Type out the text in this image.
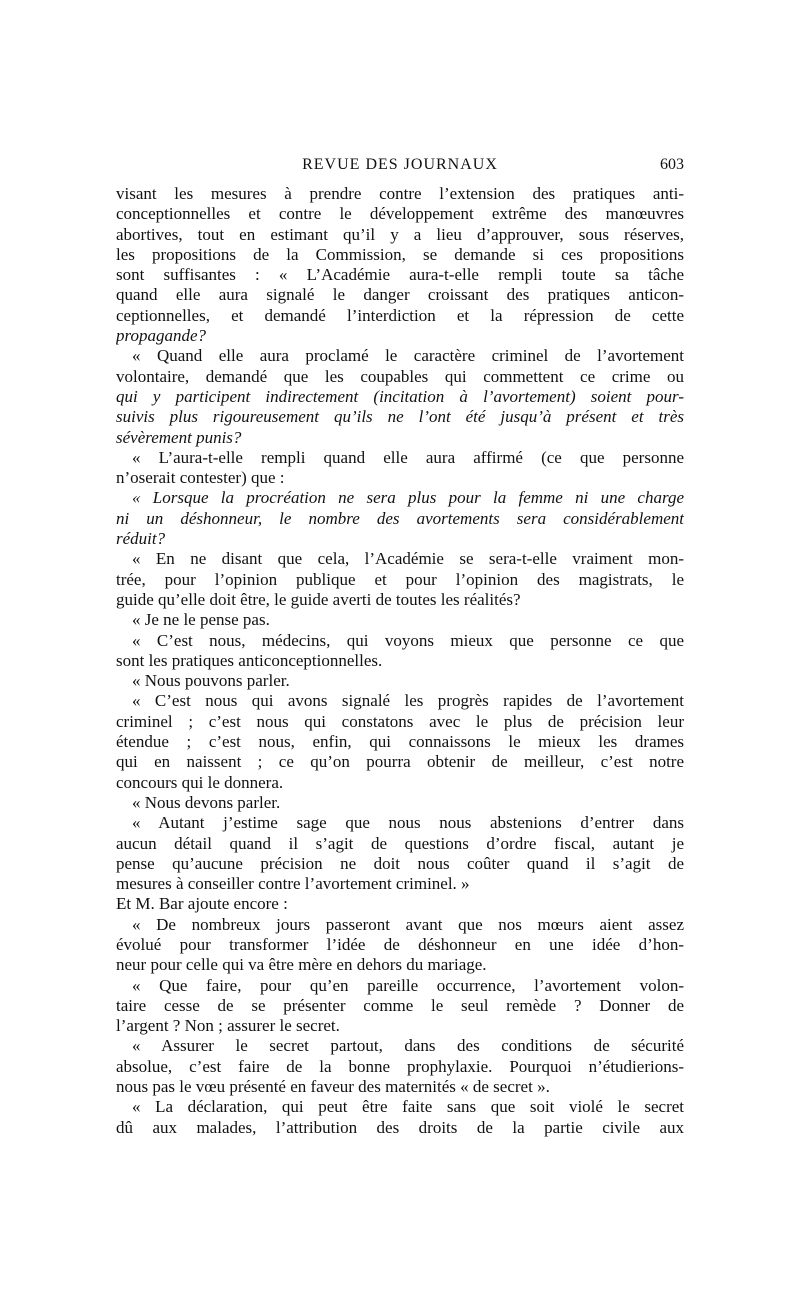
REVUE DES JOURNAUX	603
visant les mesures à prendre contre l’extension des pratiques anti-
conceptionnelles et contre le développement extrême des manœuvres
abortives, tout en estimant qu’il y a lieu d’approuver, sous réserves,
les propositions de la Commission, se demande si ces propositions
sont suffisantes : « L’Académie aura-t-elle rempli toute sa tâche
quand elle aura signalé le danger croissant des pratiques anticon-
ceptionnelles, et demandé l’interdiction et la répression de cette
propagande?
« Quand elle aura proclamé le caractère criminel de l’avortement
volontaire, demandé que les coupables qui commettent ce crime ou
qui y participent indirectement (incitation à l’avortement) soient pour-
suivis plus rigoureusement qu’ils ne l’ont été jusqu’à présent et très
sévèrement punis?
« L’aura-t-elle rempli quand elle aura affirmé (ce que personne
n’oserait contester) que :
« Lorsque la procréation ne sera plus pour la femme ni une charge
ni un déshonneur, le nombre des avortements sera considérablement
réduit?
« En ne disant que cela, l’Académie se sera-t-elle vraiment mon-
trée, pour l’opinion publique et pour l’opinion des magistrats, le
guide qu’elle doit être, le guide averti de toutes les réalités?
« Je ne le pense pas.
« C’est nous, médecins, qui voyons mieux que personne ce que
sont les pratiques anticonceptionnelles.
« Nous pouvons parler.
« C’est nous qui avons signalé les progrès rapides de l’avortement
criminel ; c’est nous qui constatons avec le plus de précision leur
étendue ; c’est nous, enfin, qui connaissons le mieux les drames
qui en naissent ; ce qu’on pourra obtenir de meilleur, c’est notre
concours qui le donnera.
« Nous devons parler.
« Autant j’estime sage que nous nous abstenions d’entrer dans
aucun détail quand il s’agit de questions d’ordre fiscal, autant je
pense qu’aucune précision ne doit nous coûter quand il s’agit de
mesures à conseiller contre l’avortement criminel. »
Et M. Bar ajoute encore :
« De nombreux jours passeront avant que nos mœurs aient assez
évolué pour transformer l’idée de déshonneur en une idée d’hon-
neur pour celle qui va être mère en dehors du mariage.
« Que faire, pour qu’en pareille occurrence, l’avortement volon-
taire cesse de se présenter comme le seul remède ? Donner de
l’argent ? Non ; assurer le secret.
« Assurer le secret partout, dans des conditions de sécurité
absolue, c’est faire de la bonne prophylaxie. Pourquoi n’étudierions-
nous pas le vœu présenté en faveur des maternités « de secret ».
« La déclaration, qui peut être faite sans que soit violé le secret
dû aux malades, l’attribution des droits de la partie civile aux
